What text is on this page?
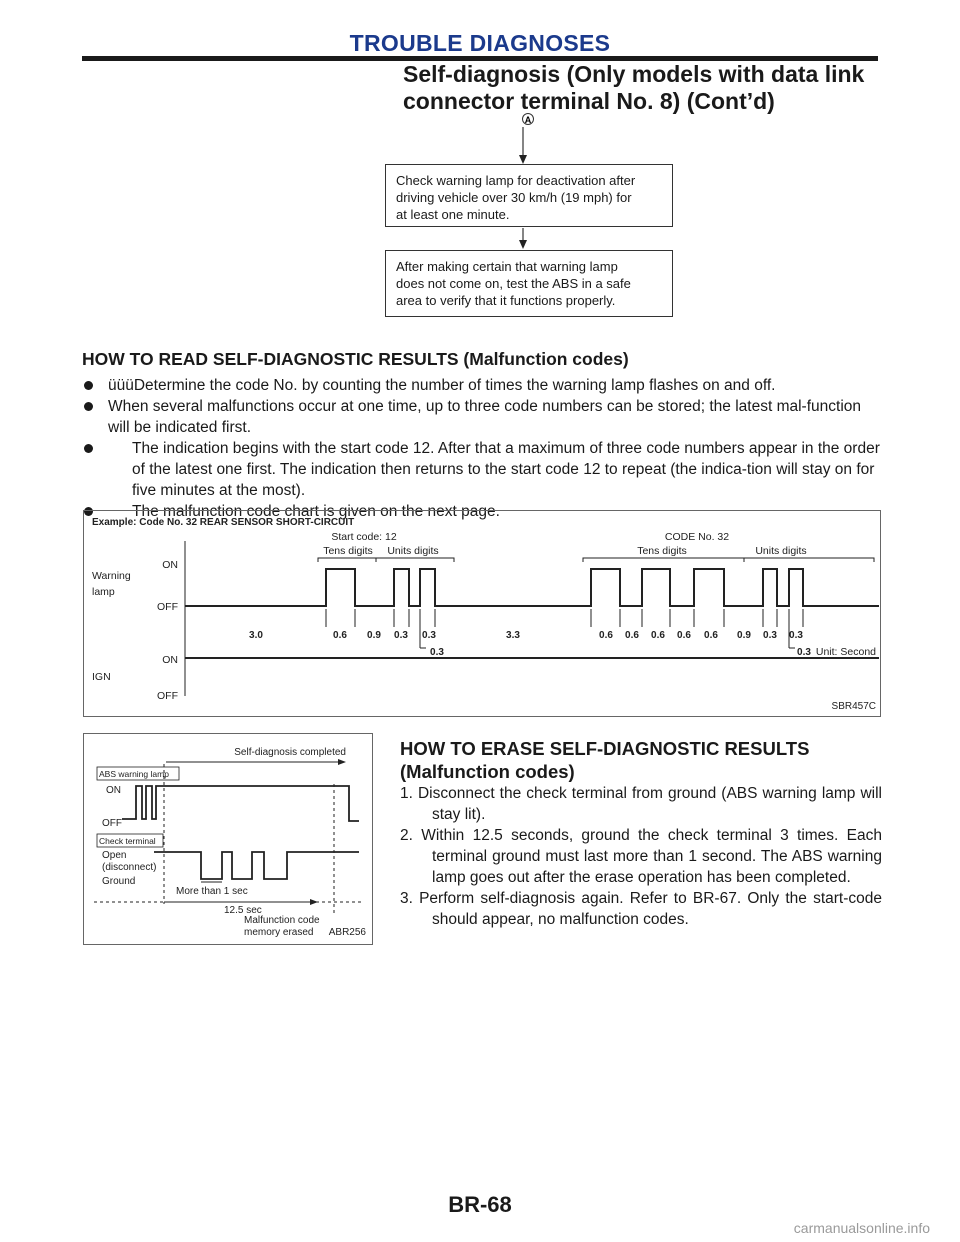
TROUBLE DIAGNOSES
Self-diagnosis (Only models with data link
connector terminal No. 8) (Cont’d)
A
Check warning lamp for deactivation after
driving vehicle over 30 km/h (19 mph) for
at least one minute.
After making certain that warning lamp
does not come on, test the ABS in a safe
area to verify that it functions properly.
HOW TO READ SELF-DIAGNOSTIC RESULTS (Malfunction codes)
üüüDetermine the code No. by counting the number of times the warning lamp flashes on and off.
When several malfunctions occur at one time, up to three code numbers can be stored; the latest mal-function will be indicated first.
The indication begins with the start code 12. After that a maximum of three code numbers appear in the order of the latest one first. The indication then returns to the start code 12 to repeat (the indica-tion will stay on for five minutes at the most).
The malfunction code chart is given on the next page.
Example: Code No. 32 REAR SENSOR SHORT-CIRCUIT
Start code: 12	CODE No. 32
Tens digits Units digits	Tens digits	Units digits
Warning
lamp
ON
OFF
ON
IGN
OFF
3.0	0.6 0.9 0.3 0.3	3.3	0.6 0.6 0.6 0.6 0.6 0.9 0.3 0.3
0.3	0.3 Unit: Second
SBR457C
Self-diagnosis completed
ABS warning lamp
ON
OFF
Check terminal
Open
(disconnect)
Ground
More than 1 sec
12.5 sec
Malfunction code
memory erased ABR256
HOW TO ERASE SELF-DIAGNOSTIC RESULTS
(Malfunction codes)
1. Disconnect the check terminal from ground (ABS warning lamp will stay lit).
2. Within 12.5 seconds, ground the check terminal 3 times. Each terminal ground must last more than 1 second. The ABS warning lamp goes out after the erase operation has been completed.
3. Perform self-diagnosis again. Refer to BR-67. Only the start-code should appear, no malfunction codes.
BR-68
carmanualsonline.info
